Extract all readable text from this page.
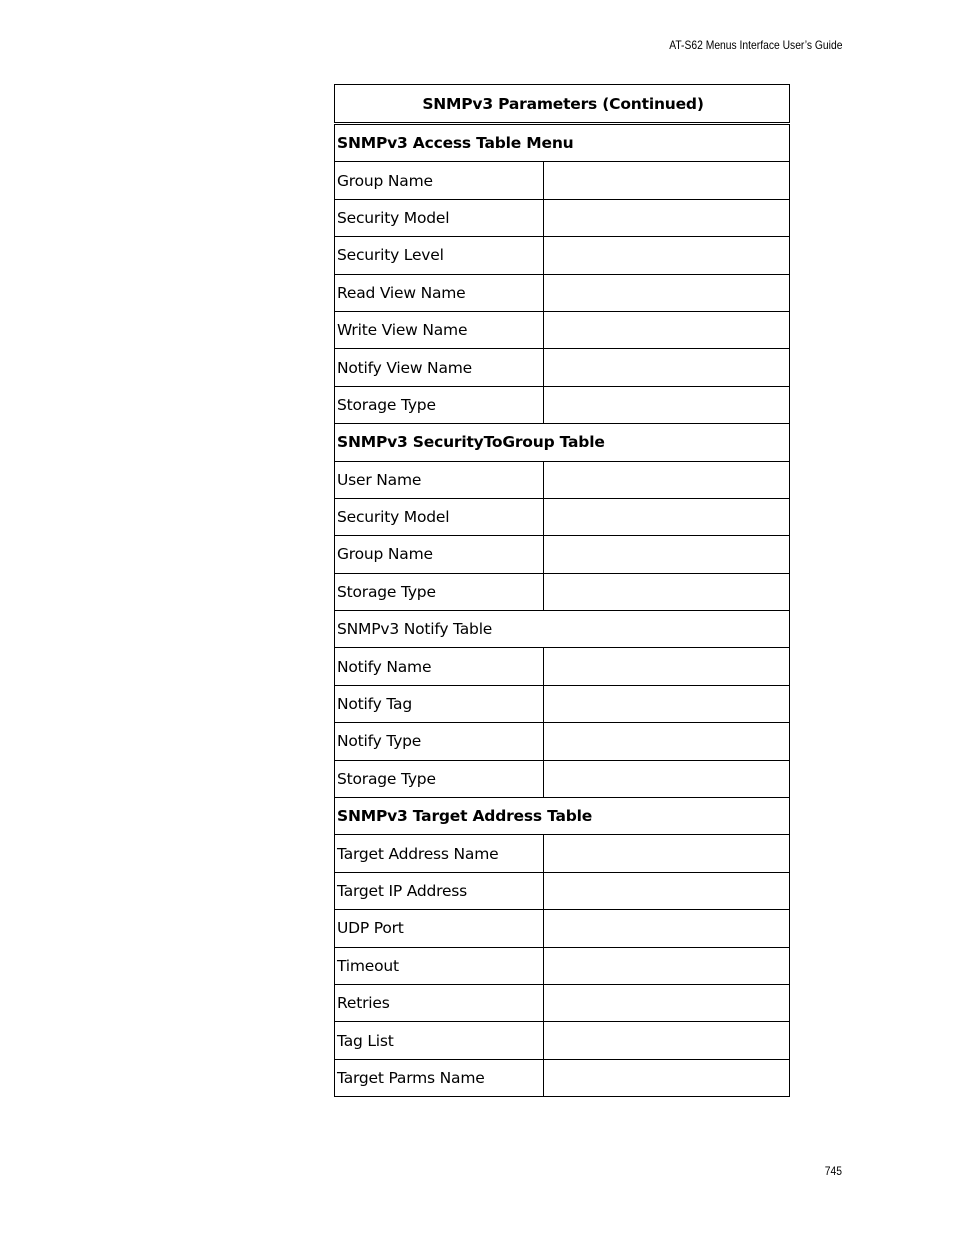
AT-S62 Menus Interface User’s Guide
SNMPv3 Parameters (Continued)	
SNMPv3 Access Table Menu	
Group Name	
Security Model	
Security Level	
Read View Name	
Write View Name	
Notify View Name	
Storage Type	
SNMPv3 SecurityToGroup Table	
User Name	
Security Model	
Group Name	
Storage Type	
SNMPv3 Notify Table	
Notify Name	
Notify Tag	
Notify Type	
Storage Type	
SNMPv3 Target Address Table	
Target Address Name	
Target IP Address	
UDP Port	
Timeout	
Retries	
Tag List	
Target Parms Name	
745
